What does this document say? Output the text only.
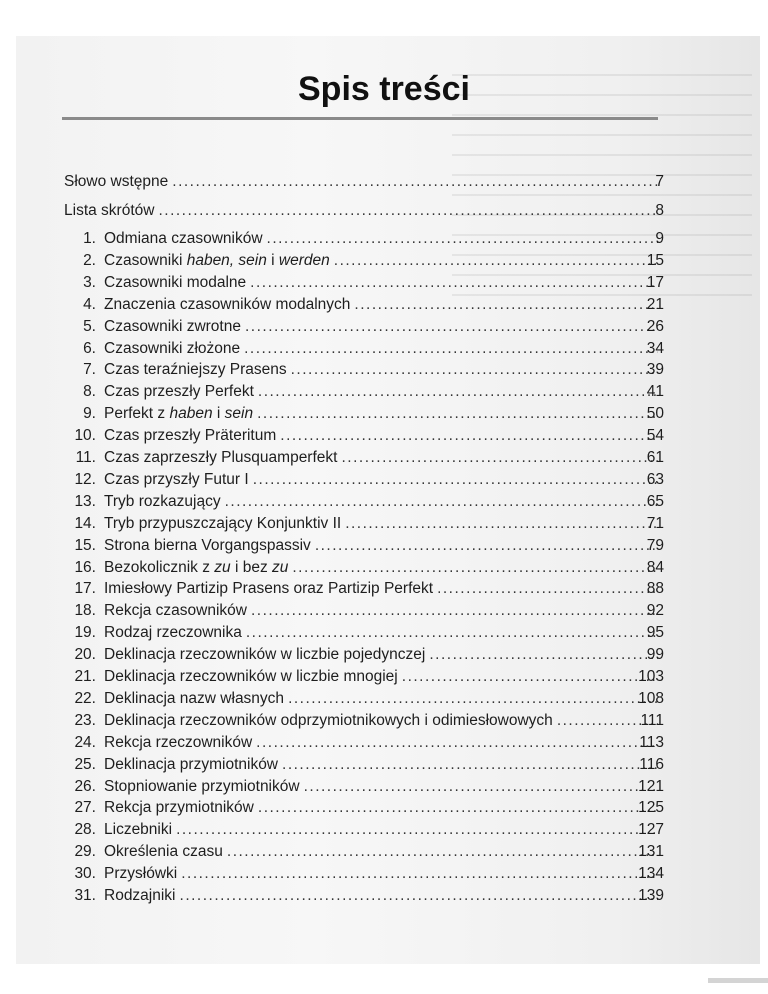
Spis treści
Słowo wstępne .....	7
Lista skrótów .....	8
1. Odmiana czasowników .....	9
2. Czasowniki haben, sein i werden .....	15
3. Czasowniki modalne .....	17
4. Znaczenia czasowników modalnych .....	21
5. Czasowniki zwrotne .....	26
6. Czasowniki złożone .....	34
7. Czas teraźniejszy Prasens .....	39
8. Czas przeszły Perfekt .....	41
9. Perfekt z haben i sein .....	50
10. Czas przeszły Präteritum .....	54
11. Czas zaprzeszły Plusquamperfekt .....	61
12. Czas przyszły Futur I .....	63
13. Tryb rozkazujący .....	65
14. Tryb przypuszczający Konjunktiv II .....	71
15. Strona bierna Vorgangspassiv .....	79
16. Bezokolicznik z zu i bez zu .....	84
17. Imiesłowy Partizip Prasens oraz Partizip Perfekt .....	88
18. Rekcja czasowników .....	92
19. Rodzaj rzeczownika .....	95
20. Deklinacja rzeczowników w liczbie pojedynczej .....	99
21. Deklinacja rzeczowników w liczbie mnogiej .....	103
22. Deklinacja nazw własnych .....	108
23. Deklinacja rzeczowników odprzymiotnikowych i odimiesłowowych .....	111
24. Rekcja rzeczowników .....	113
25. Deklinacja przymiotników .....	116
26. Stopniowanie przymiotników .....	121
27. Rekcja przymiotników .....	125
28. Liczebniki .....	127
29. Określenia czasu .....	131
30. Przysłówki .....	134
31. Rodzajniki .....	139
